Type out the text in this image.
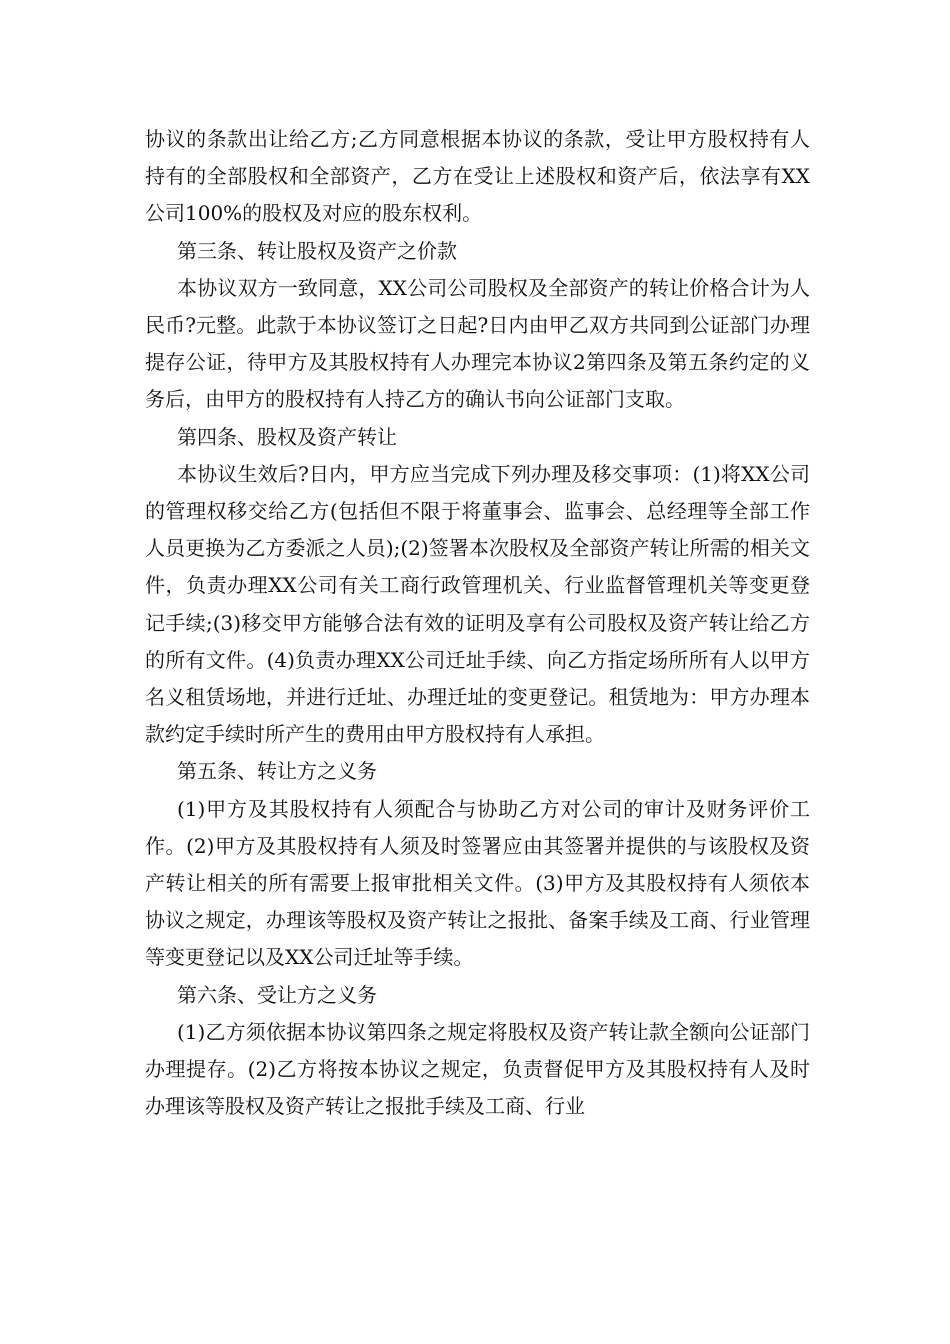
协议的条款出让给乙方;乙方同意根据本协议的条款，受让甲方股权持有人持有的全部股权和全部资产，乙方在受让上述股权和资产后，依法享有XX公司100%的股权及对应的股东权利。

第三条、转让股权及资产之价款

本协议双方一致同意，XX公司公司股权及全部资产的转让价格合计为人民币?元整。此款于本协议签订之日起?日内由甲乙双方共同到公证部门办理提存公证，待甲方及其股权持有人办理完本协议2第四条及第五条约定的义务后，由甲方的股权持有人持乙方的确认书向公证部门支取。

第四条、股权及资产转让

本协议生效后?日内，甲方应当完成下列办理及移交事项：(1)将XX公司的管理权移交给乙方(包括但不限于将董事会、监事会、总经理等全部工作人员更换为乙方委派之人员);(2)签署本次股权及全部资产转让所需的相关文件，负责办理XX公司有关工商行政管理机关、行业监督管理机关等变更登记手续;(3)移交甲方能够合法有效的证明及享有公司股权及资产转让给乙方的所有文件。(4)负责办理XX公司迁址手续、向乙方指定场所所有人以甲方名义租赁场地，并进行迁址、办理迁址的变更登记。租赁地为：甲方办理本款约定手续时所产生的费用由甲方股权持有人承担。

第五条、转让方之义务

(1)甲方及其股权持有人须配合与协助乙方对公司的审计及财务评价工作。(2)甲方及其股权持有人须及时签署应由其签署并提供的与该股权及资产转让相关的所有需要上报审批相关文件。(3)甲方及其股权持有人须依本协议之规定，办理该等股权及资产转让之报批、备案手续及工商、行业管理等变更登记以及XX公司迁址等手续。

第六条、受让方之义务

(1)乙方须依据本协议第四条之规定将股权及资产转让款全额向公证部门办理提存。(2)乙方将按本协议之规定，负责督促甲方及其股权持有人及时办理该等股权及资产转让之报批手续及工商、行业
